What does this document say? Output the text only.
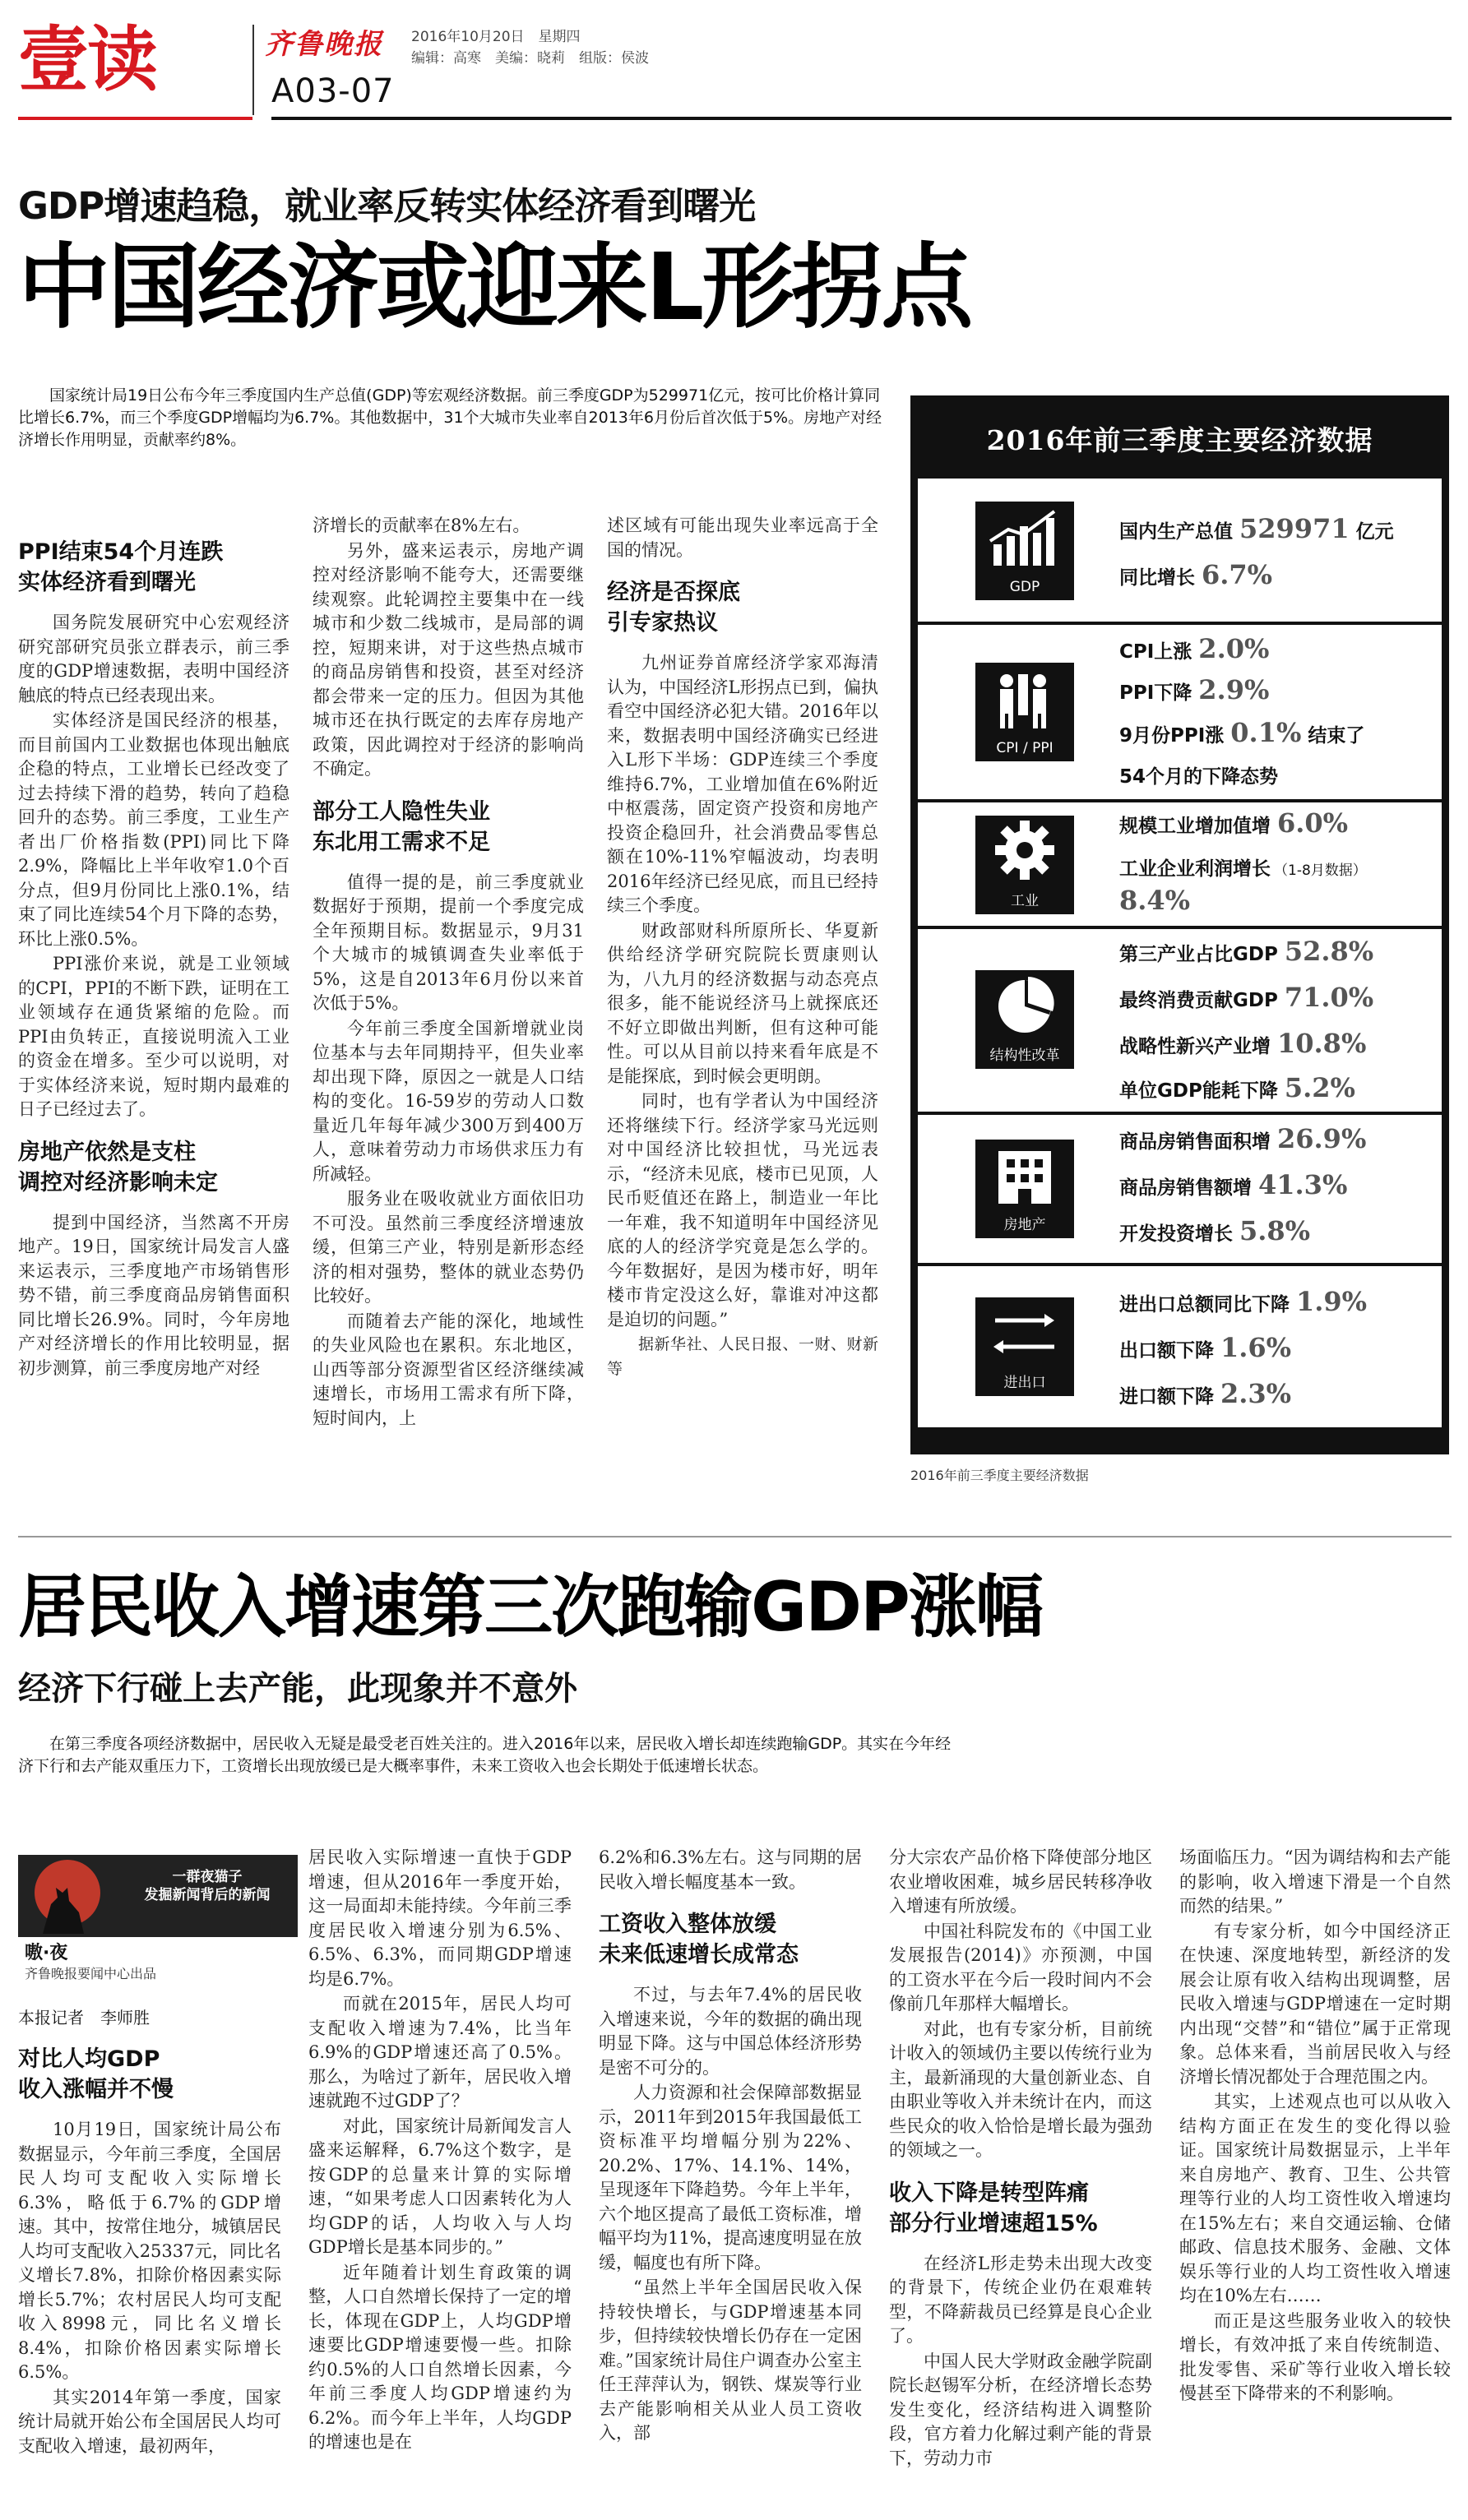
壹读	齐鲁晚报 2016年10月20日　星期四
编辑：高寒　美编：晓莉　组版：侯波
A03-07
GDP增速趋稳，就业率反转实体经济看到曙光
中国经济或迎来L形拐点
国家统计局19日公布今年三季度国内生产总值(GDP)等宏观经济数据。前三季度GDP为529971亿元，按可比价格计算同比增长6.7%，而三个季度GDP增幅均为6.7%。其他数据中，31个大城市失业率自2013年6月份后首次低于5%。房地产对经济增长作用明显，贡献率约8%。
PPI结束54个月连跌
实体经济看到曙光

国务院发展研究中心宏观经济研究部研究员张立群表示，前三季度的GDP增速数据，表明中国经济触底的特点已经表现出来。

实体经济是国民经济的根基，而目前国内工业数据也体现出触底企稳的特点，工业增长已经改变了过去持续下滑的趋势，转向了趋稳回升的态势。前三季度，工业生产者出厂价格指数(PPI)同比下降2.9%，降幅比上半年收窄1.0个百分点，但9月份同比上涨0.1%，结束了同比连续54个月下降的态势，环比上涨0.5%。

PPI涨价来说，就是工业领域的CPI，PPI的不断下跌，证明在工业领域存在通货紧缩的危险。而PPI由负转正，直接说明流入工业的资金在增多。至少可以说明，对于实体经济来说，短时期内最难的日子已经过去了。

房地产依然是支柱
调控对经济影响未定

提到中国经济，当然离不开房地产。19日，国家统计局发言人盛来运表示，三季度地产市场销售形势不错，前三季度商品房销售面积同比增长26.9%。同时，今年房地产对经济增长的作用比较明显，据初步测算，前三季度房地产对经

济增长的贡献率在8%左右。

另外，盛来运表示，房地产调控对经济影响不能夸大，还需要继续观察。此轮调控主要集中在一线城市和少数二线城市，是局部的调控，短期来讲，对于这些热点城市的商品房销售和投资，甚至对经济都会带来一定的压力。但因为其他城市还在执行既定的去库存房地产政策，因此调控对于经济的影响尚不确定。

部分工人隐性失业
东北用工需求不足

值得一提的是，前三季度就业数据好于预期，提前一个季度完成全年预期目标。数据显示，9月31个大城市的城镇调查失业率低于5%，这是自2013年6月份以来首次低于5%。

今年前三季度全国新增就业岗位基本与去年同期持平，但失业率却出现下降，原因之一就是人口结构的变化。16-59岁的劳动人口数量近几年每年减少300万到400万人，意味着劳动力市场供求压力有所减轻。

服务业在吸收就业方面依旧功不可没。虽然前三季度经济增速放缓，但第三产业，特别是新形态经济的相对强势，整体的就业态势仍比较好。

而随着去产能的深化，地域性的失业风险也在累积。东北地区，山西等部分资源型省区经济继续减速增长，市场用工需求有所下降，短时间内，上

述区域有可能出现失业率远高于全国的情况。

经济是否探底
引专家热议

九州证券首席经济学家邓海清认为，中国经济L形拐点已到，偏执看空中国经济必犯大错。2016年以来，数据表明中国经济确实已经进入L形下半场：GDP连续三个季度维持6.7%，工业增加值在6%附近中枢震荡，固定资产投资和房地产投资企稳回升，社会消费品零售总额在10%-11%窄幅波动，均表明2016年经济已经见底，而且已经持续三个季度。

财政部财科所原所长、华夏新供给经济学研究院院长贾康则认为，八九月的经济数据与动态亮点很多，能不能说经济马上就探底还不好立即做出判断，但有这种可能性。可以从目前以持来看年底是不是能探底，到时候会更明朗。

同时，也有学者认为中国经济还将继续下行。经济学家马光远则对中国经济比较担忧，马光远表示，“经济未见底，楼市已见顶，人民币贬值还在路上，制造业一年比一年难，我不知道明年中国经济见底的人的经济学究竟是怎么学的。今年数据好，是因为楼市好，明年楼市肯定没这么好，靠谁对冲这都是迫切的问题。”

据新华社、人民日报、一财、财新等

2016年前三季度主要经济数据
GDP
国内生产总值 529971 亿元
同比增长 6.7%
CPI / PPI
CPI上涨 2.0%
PPI下降 2.9%
9月份PPI涨 0.1% 结束了
54个月的下降态势
工业
规模工业增加值增 6.0%
工业企业利润增长 （1-8月数据）
8.4%
结构性改革
第三产业占比GDP 52.8%
最终消费贡献GDP 71.0%
战略性新兴产业增 10.8%
单位GDP能耗下降 5.2%
房地产
商品房销售面积增 26.9%
商品房销售额增 41.3%
开发投资增长 5.8%
进出口
进出口总额同比下降 1.9%
出口额下降 1.6%
进口额下降 2.3%
2016年前三季度主要经济数据
居民收入增速第三次跑输GDP涨幅
经济下行碰上去产能，此现象并不意外
在第三季度各项经济数据中，居民收入无疑是最受老百姓关注的。进入2016年以来，居民收入增长却连续跑输GDP。其实在今年经济下行和去产能双重压力下，工资增长出现放缓已是大概率事件，未来工资收入也会长期处于低速增长状态。
一群夜猫子
发掘新闻背后的新闻
嗷·夜
齐鲁晚报要闻中心出品
本报记者　李师胜
对比人均GDP
收入涨幅并不慢

10月19日，国家统计局公布数据显示，今年前三季度，全国居民人均可支配收入实际增长6.3%，略低于6.7%的GDP增速。其中，按常住地分，城镇居民人均可支配收入25337元，同比名义增长7.8%，扣除价格因素实际增长5.7%；农村居民人均可支配收入8998元，同比名义增长8.4%，扣除价格因素实际增长6.5%。

其实2014年第一季度，国家统计局就开始公布全国居民人均可支配收入增速，最初两年，

居民收入实际增速一直快于GDP增速，但从2016年一季度开始，这一局面却未能持续。今年前三季度居民收入增速分别为6.5%、6.5%、6.3%，而同期GDP增速均是6.7%。

而就在2015年，居民人均可支配收入增速为7.4%，比当年6.9%的GDP增速还高了0.5%。那么，为啥过了新年，居民收入增速就跑不过GDP了？

对此，国家统计局新闻发言人盛来运解释，6.7%这个数字，是按GDP的总量来计算的实际增速，“如果考虑人口因素转化为人均GDP的话，人均收入与人均GDP增长是基本同步的。”

近年随着计划生育政策的调整，人口自然增长保持了一定的增长，体现在GDP上，人均GDP增速要比GDP增速要慢一些。扣除约0.5%的人口自然增长因素，今年前三季度人均GDP增速约为6.2%。而今年上半年，人均GDP的增速也是在

6.2%和6.3%左右。这与同期的居民收入增长幅度基本一致。

工资收入整体放缓
未来低速增长成常态

不过，与去年7.4%的居民收入增速来说，今年的数据的确出现明显下降。这与中国总体经济形势是密不可分的。

人力资源和社会保障部数据显示，2011年到2015年我国最低工资标准平均增幅分别为22%、20.2%、17%、14.1%、14%，呈现逐年下降趋势。今年上半年，六个地区提高了最低工资标准，增幅平均为11%，提高速度明显在放缓，幅度也有所下降。

“虽然上半年全国居民收入保持较快增长，与GDP增速基本同步，但持续较快增长仍存在一定困难。”国家统计局住户调查办公室主任王萍萍认为，钢铁、煤炭等行业去产能影响相关从业人员工资收入，部

分大宗农产品价格下降使部分地区农业增收困难，城乡居民转移净收入增速有所放缓。

中国社科院发布的《中国工业发展报告(2014)》亦预测，中国的工资水平在今后一段时间内不会像前几年那样大幅增长。

对此，也有专家分析，目前统计收入的领域仍主要以传统行业为主，最新涌现的大量创新业态、自由职业等收入并未统计在内，而这些民众的收入恰恰是增长最为强劲的领域之一。

收入下降是转型阵痛
部分行业增速超15%

在经济L形走势未出现大改变的背景下，传统企业仍在艰难转型，不降薪裁员已经算是良心企业了。

中国人民大学财政金融学院副院长赵锡军分析，在经济增长态势发生变化，经济结构进入调整阶段，官方着力化解过剩产能的背景下，劳动力市

场面临压力。“因为调结构和去产能的影响，收入增速下滑是一个自然而然的结果。”

有专家分析，如今中国经济正在快速、深度地转型，新经济的发展会让原有收入结构出现调整，居民收入增速与GDP增速在一定时期内出现“交替”和“错位”属于正常现象。总体来看，当前居民收入与经济增长情况都处于合理范围之内。

其实，上述观点也可以从收入结构方面正在发生的变化得以验证。国家统计局数据显示，上半年来自房地产、教育、卫生、公共管理等行业的人均工资性收入增速均在15%左右；来自交通运输、仓储邮政、信息技术服务、金融、文体娱乐等行业的人均工资性收入增速均在10%左右……

而正是这些服务业收入的较快增长，有效冲抵了来自传统制造、批发零售、采矿等行业收入增长较慢甚至下降带来的不利影响。
